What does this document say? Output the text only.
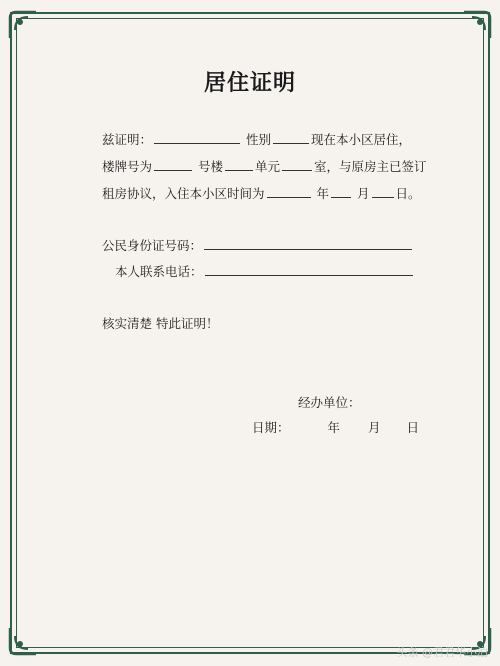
居住证明
兹证明：	性别	现在本小区居住，
楼牌号为	号楼	单元	室，与原房主已签订
租房协议，入住本小区时间为	年 月 日。
公民身份证号码：
本人联系电话：
核实清楚 特此证明！
经办单位：
日期：	年 月 日
头条 @君君华小泊
